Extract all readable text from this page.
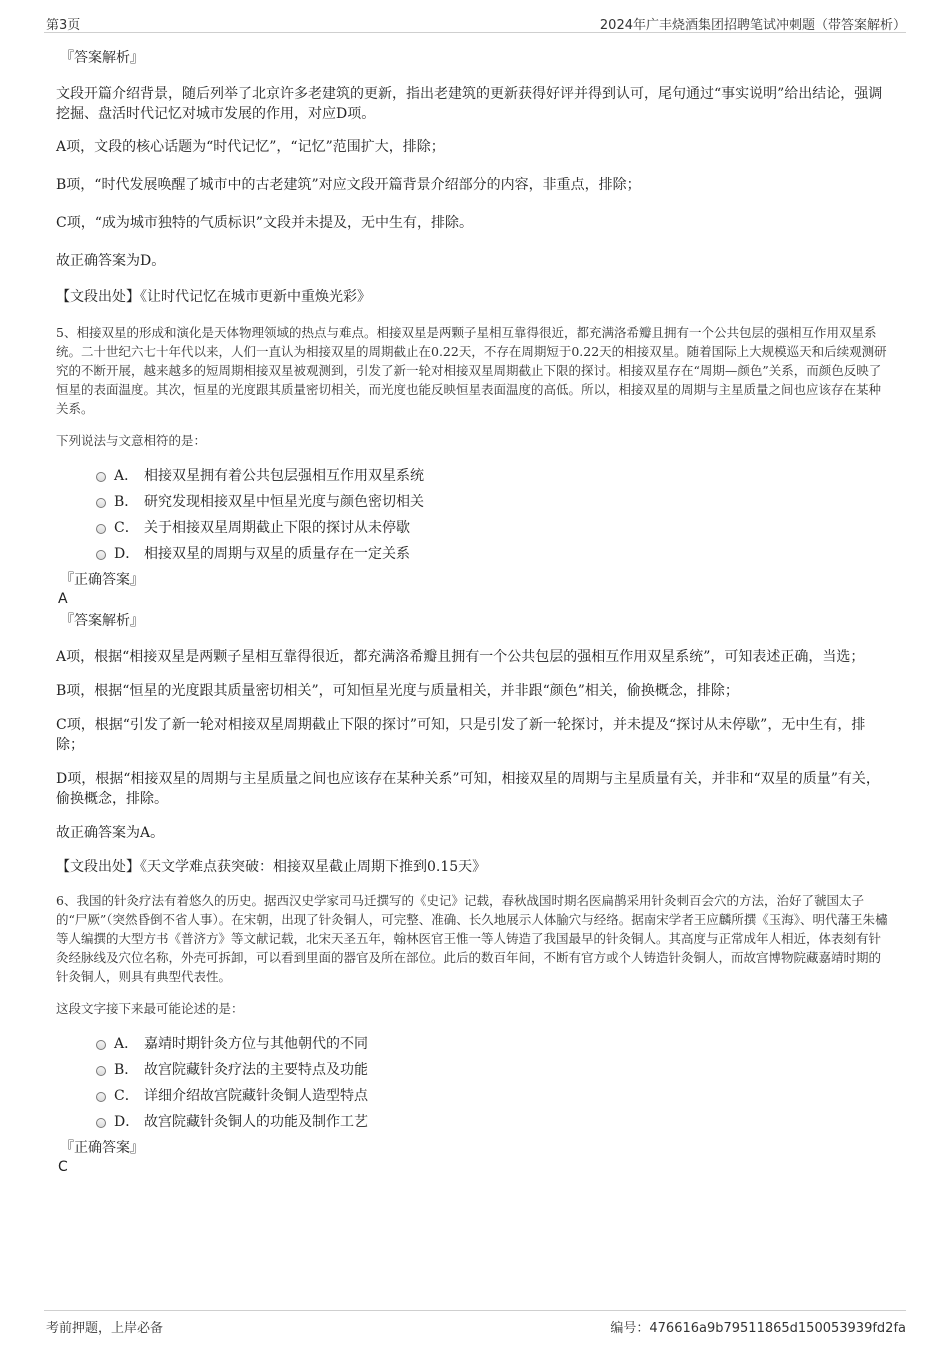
第3页	2024年广丰烧酒集团招聘笔试冲刺题（带答案解析）
『答案解析』

文段开篇介绍背景，随后列举了北京许多老建筑的更新，指出老建筑的更新获得好评并得到认可，尾句通过“事实说明”给出结论，强调挖掘、盘活时代记忆对城市发展的作用，对应D项。

A项，文段的核心话题为“时代记忆”，“记忆”范围扩大，排除；

B项，“时代发展唤醒了城市中的古老建筑”对应文段开篇背景介绍部分的内容，非重点，排除；

C项，“成为城市独特的气质标识”文段并未提及，无中生有，排除。

故正确答案为D。

【文段出处】《让时代记忆在城市更新中重焕光彩》

5、相接双星的形成和演化是天体物理领域的热点与难点。相接双星是两颗子星相互靠得很近，都充满洛希瓣且拥有一个公共包层的强相互作用双星系统。二十世纪六七十年代以来，人们一直认为相接双星的周期截止在0.22天，不存在周期短于0.22天的相接双星。随着国际上大规模巡天和后续观测研究的不断开展，越来越多的短周期相接双星被观测到，引发了新一轮对相接双星周期截止下限的探讨。相接双星存在“周期—颜色”关系，而颜色反映了恒星的表面温度。其次，恒星的光度跟其质量密切相关，而光度也能反映恒星表面温度的高低。所以，相接双星的周期与主星质量之间也应该存在某种关系。

下列说法与文意相符的是：
A． 相接双星拥有着公共包层强相互作用双星系统
B． 研究发现相接双星中恒星光度与颜色密切相关
C． 关于相接双星周期截止下限的探讨从未停歇
D． 相接双星的周期与双星的质量存在一定关系
『正确答案』
A
『答案解析』

A项，根据“相接双星是两颗子星相互靠得很近，都充满洛希瓣且拥有一个公共包层的强相互作用双星系统”，可知表述正确，当选；

B项，根据“恒星的光度跟其质量密切相关”，可知恒星光度与质量相关，并非跟“颜色”相关，偷换概念，排除；

C项，根据“引发了新一轮对相接双星周期截止下限的探讨”可知，只是引发了新一轮探讨，并未提及“探讨从未停歇”，无中生有，排除；

D项，根据“相接双星的周期与主星质量之间也应该存在某种关系”可知，相接双星的周期与主星质量有关，并非和“双星的质量”有关，偷换概念，排除。

故正确答案为A。

【文段出处】《天文学难点获突破：相接双星截止周期下推到0.15天》

6、我国的针灸疗法有着悠久的历史。据西汉史学家司马迁撰写的《史记》记载，春秋战国时期名医扁鹊采用针灸刺百会穴的方法，治好了虢国太子的“尸厥”（突然昏倒不省人事）。在宋朝，出现了针灸铜人，可完整、准确、长久地展示人体腧穴与经络。据南宋学者王应麟所撰《玉海》、明代藩王朱橚等人编撰的大型方书《普济方》等文献记载，北宋天圣五年，翰林医官王惟一等人铸造了我国最早的针灸铜人。其高度与正常成年人相近，体表刻有针灸经脉线及穴位名称，外壳可拆卸，可以看到里面的器官及所在部位。此后的数百年间，不断有官方或个人铸造针灸铜人，而故宫博物院藏嘉靖时期的针灸铜人，则具有典型代表性。

这段文字接下来最可能论述的是：
A． 嘉靖时期针灸方位与其他朝代的不同
B． 故宫院藏针灸疗法的主要特点及功能
C． 详细介绍故宫院藏针灸铜人造型特点
D． 故宫院藏针灸铜人的功能及制作工艺
『正确答案』
C
考前押题，上岸必备	编号：476616a9b79511865d150053939fd2fa
